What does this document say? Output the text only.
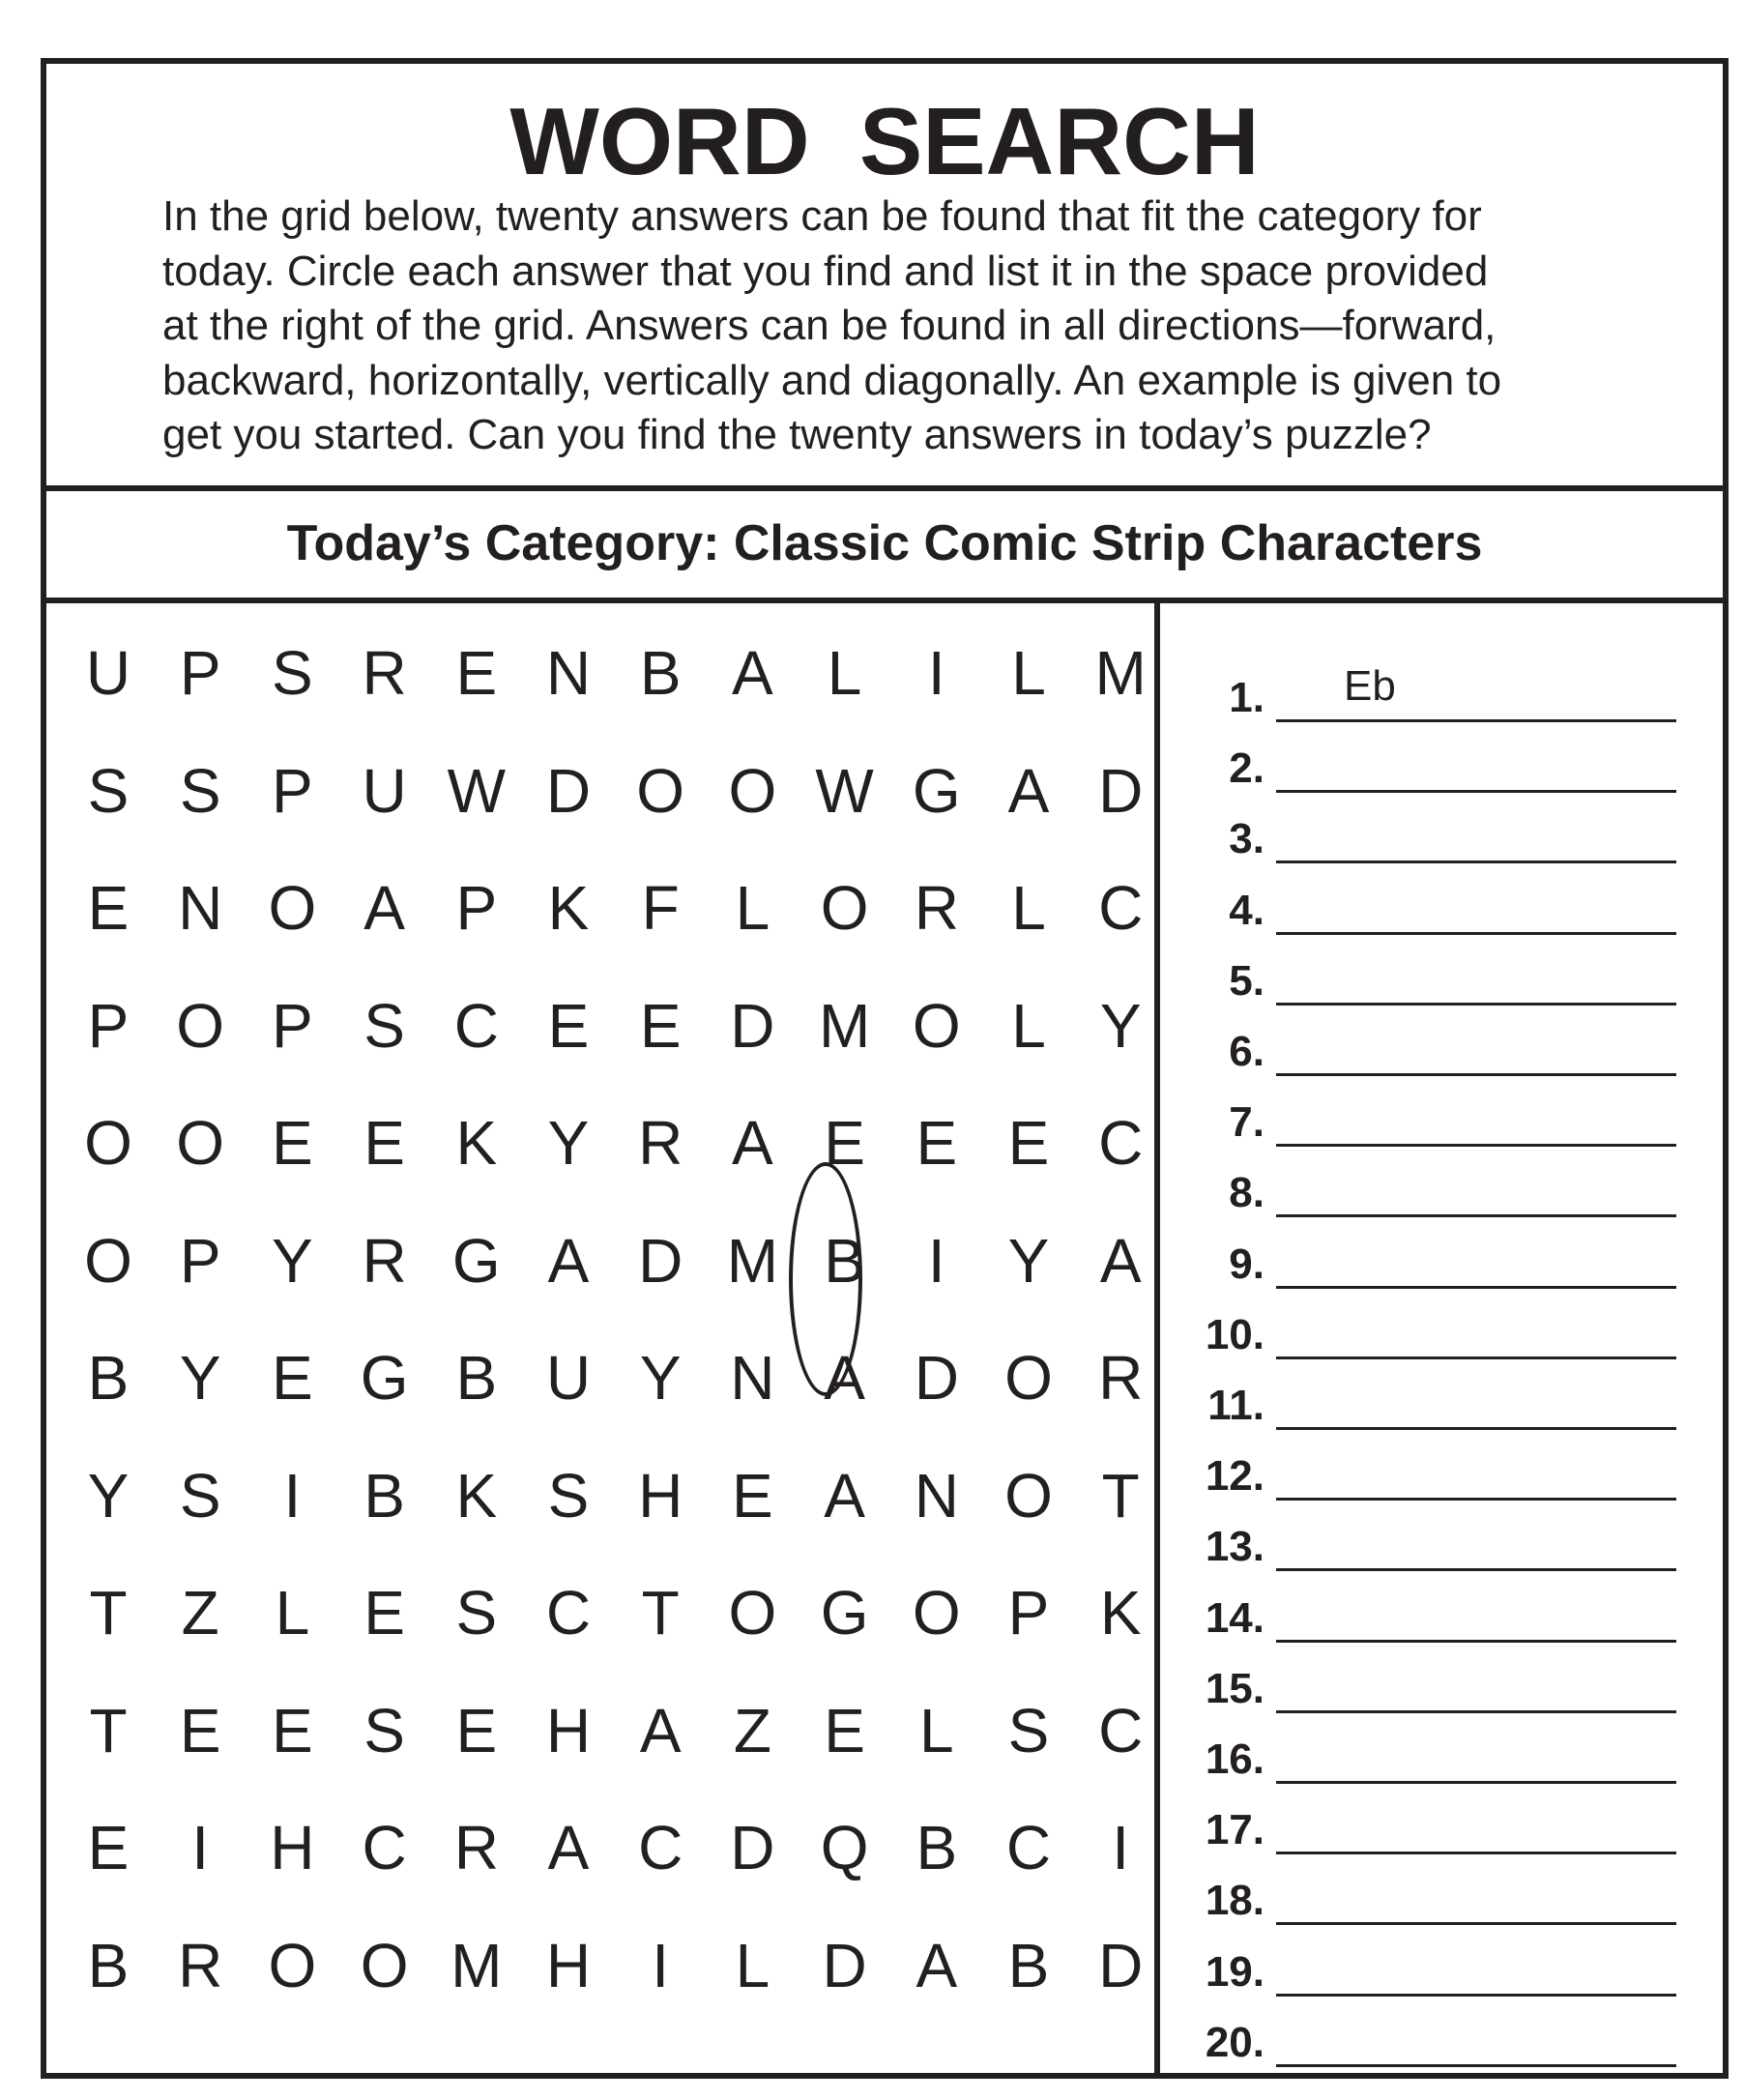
WORD SEARCH
In the grid below, twenty answers can be found that fit the category for
today. Circle each answer that you find and list it in the space provided
at the right of the grid. Answers can be found in all directions—forward,
backward, horizontally, vertically and diagonally. An example is given to
get you started. Can you find the twenty answers in today’s puzzle?
Today’s Category: Classic Comic Strip Characters
U P S R E N B A L	I	L M
S S P U W D O O W G A D
E N O A P K F L O R L C
P O P S C E E D M O L Y
O O E E K Y R A E E E C
O P Y R G A D M B	I	Y A
B Y E G B U Y N A D O R
Y S	I	B K S H E A N O T
T Z L E S C T O G O P K
T E E S E H A Z E L S C
E	I H C R A C D Q B C I
B R O O M H I	L D A B D
1. Eb
2.
3.
4.
5.
6.
7.
8.
9.
10.
11.
12.
13.
14.
15.
16.
17.
18.
19.
20.
